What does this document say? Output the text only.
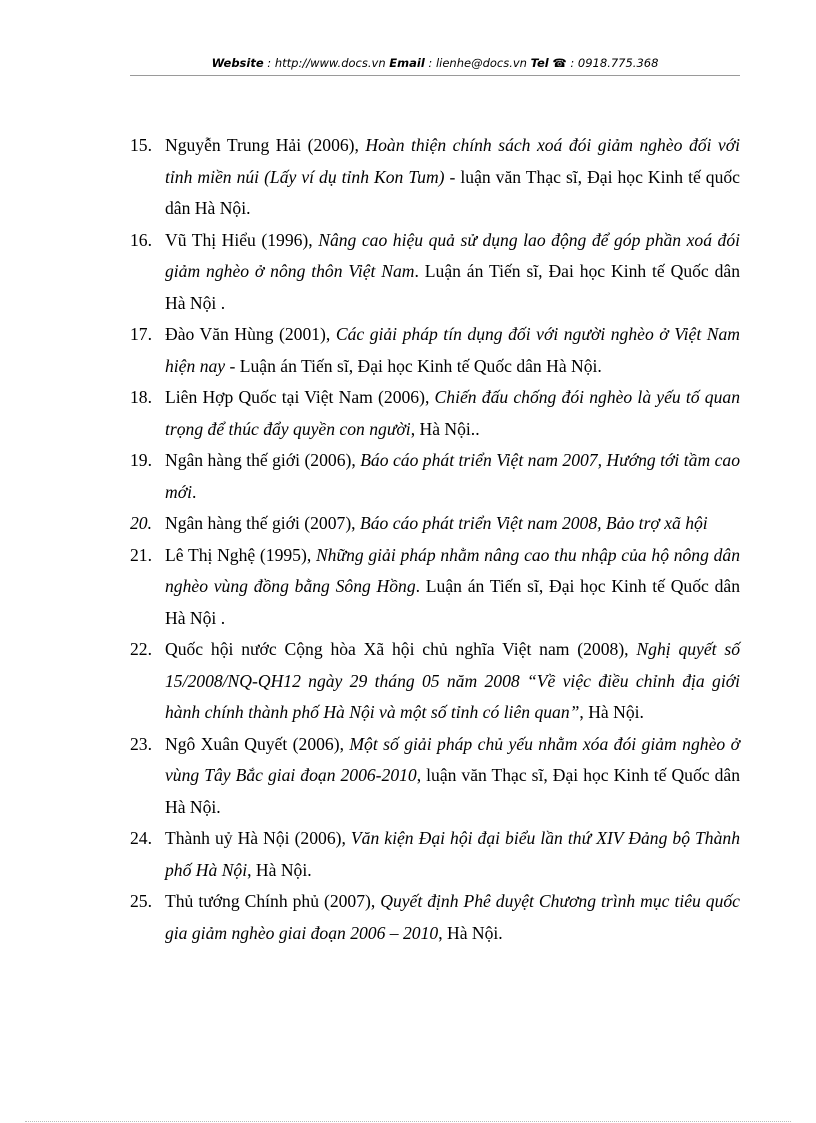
Website : http://www.docs.vn Email : lienhe@docs.vn Tel ☎ : 0918.775.368
15. Nguyễn Trung Hải (2006), Hoàn thiện chính sách xoá đói giảm nghèo đối với tỉnh miền núi (Lấy ví dụ tỉnh Kon Tum) - luận văn Thạc sĩ, Đại học Kinh tế quốc dân Hà Nội.
16. Vũ Thị Hiểu (1996), Nâng cao hiệu quả sử dụng lao động để góp phần xoá đói giảm nghèo ở nông thôn Việt Nam. Luận án Tiến sĩ, Đai học Kinh tế Quốc dân Hà Nội .
17. Đào Văn Hùng (2001), Các giải pháp tín dụng đối với người nghèo ở Việt Nam hiện nay - Luận án Tiến sĩ, Đại học Kinh tế Quốc dân Hà Nội.
18. Liên Hợp Quốc tại Việt Nam (2006), Chiến đấu chống đói nghèo là yếu tố quan trọng để thúc đẩy quyền con người, Hà Nội..
19. Ngân hàng thế giới (2006), Báo cáo phát triển Việt nam 2007, Hướng tới tầm cao mới.
20. Ngân hàng thế giới (2007), Báo cáo phát triển Việt nam 2008, Bảo trợ xã hội
21. Lê Thị Nghệ (1995), Những giải pháp nhằm nâng cao thu nhập của hộ nông dân nghèo vùng đồng bằng Sông Hồng. Luận án Tiến sĩ, Đại học Kinh tế Quốc dân Hà Nội .
22. Quốc hội nước Cộng hòa Xã hội chủ nghĩa Việt nam (2008), Nghị quyết số 15/2008/NQ-QH12 ngày 29 tháng 05 năm 2008 “Về việc điều chỉnh địa giới hành chính thành phố Hà Nội và một số tỉnh có liên quan”, Hà Nội.
23. Ngô Xuân Quyết (2006), Một số giải pháp chủ yếu nhằm xóa đói giảm nghèo ở vùng Tây Bắc giai đoạn 2006-2010, luận văn Thạc sĩ, Đại học Kinh tế Quốc dân Hà Nội.
24. Thành uỷ Hà Nội (2006), Văn kiện Đại hội đại biểu lần thứ XIV Đảng bộ Thành phố Hà Nội, Hà Nội.
25. Thủ tướng Chính phủ (2007), Quyết định Phê duyệt Chương trình mục tiêu quốc gia giảm nghèo giai đoạn 2006 – 2010, Hà Nội.
